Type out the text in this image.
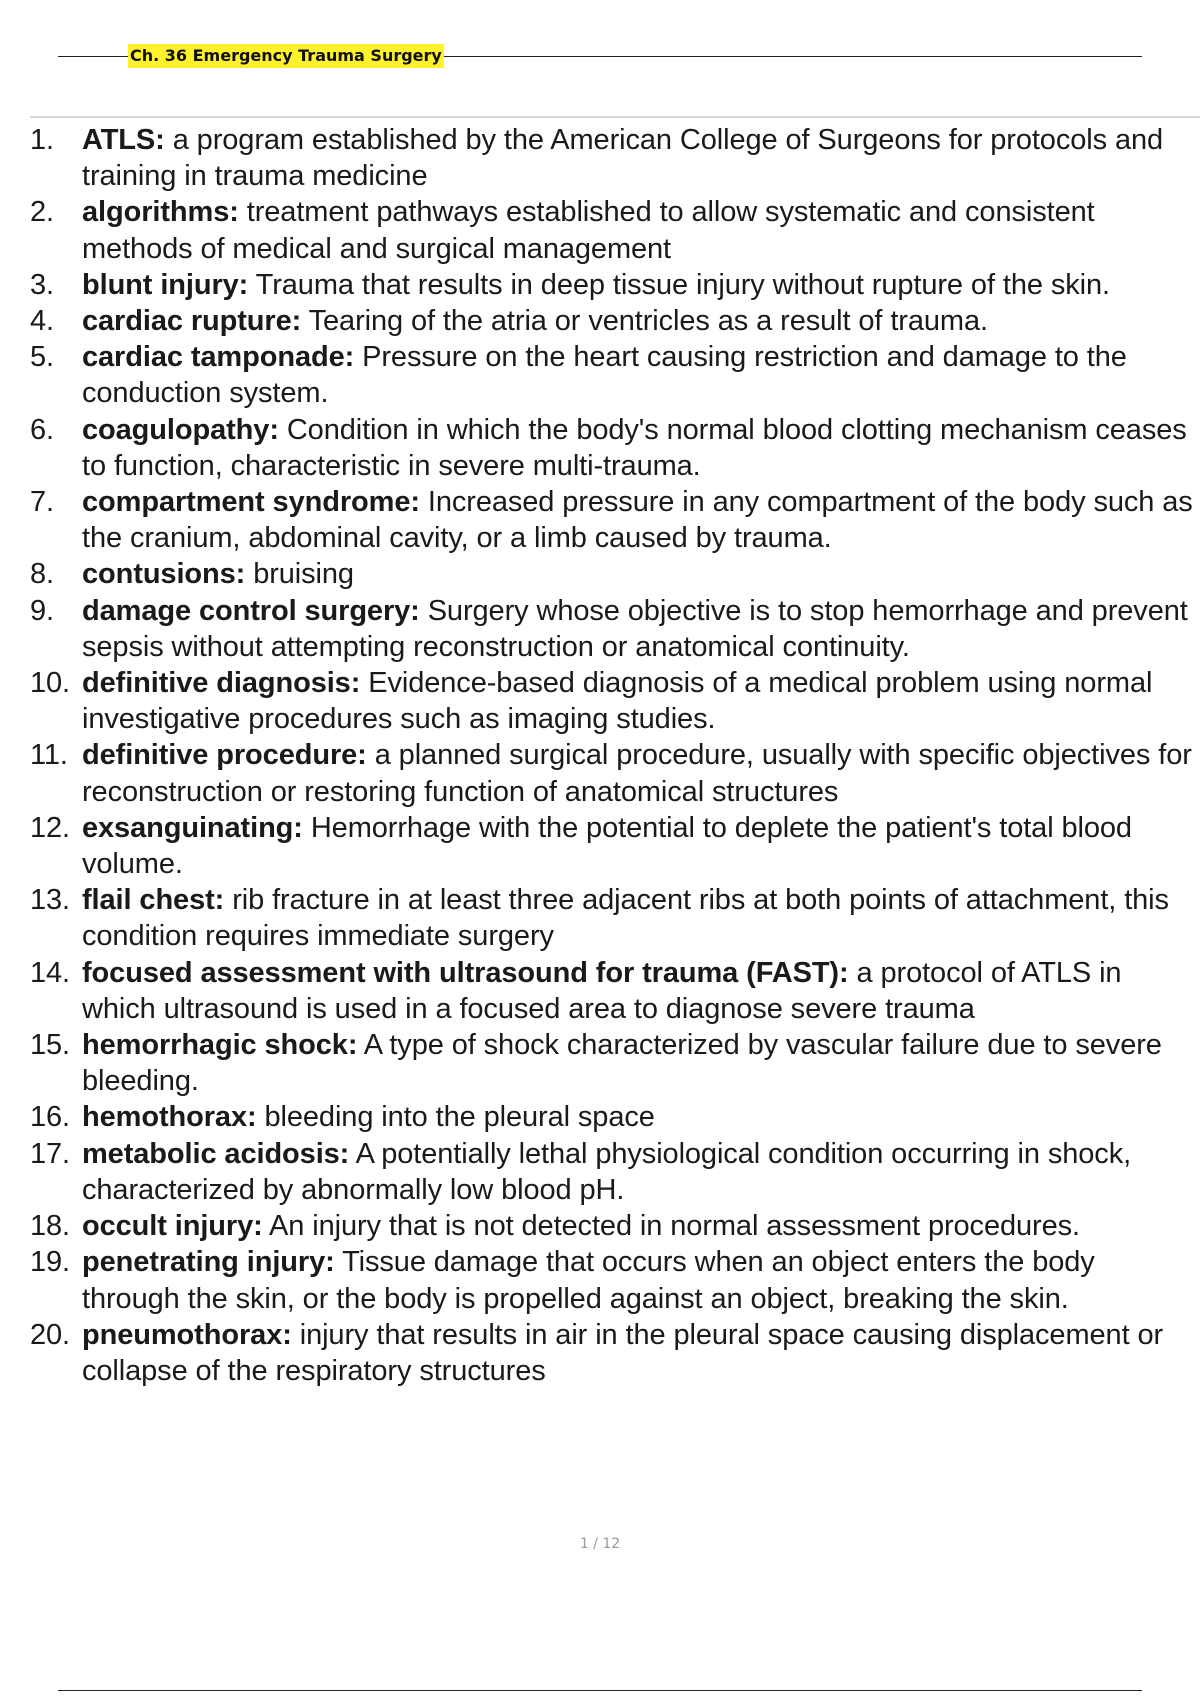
Ch. 36 Emergency Trauma Surgery
1. ATLS: a program established by the American College of Surgeons for protocols and training in trauma medicine
2. algorithms: treatment pathways established to allow systematic and consistent methods of medical and surgical management
3. blunt injury: Trauma that results in deep tissue injury without rupture of the skin.
4. cardiac rupture: Tearing of the atria or ventricles as a result of trauma.
5. cardiac tamponade: Pressure on the heart causing restriction and damage to the conduction system.
6. coagulopathy: Condition in which the body's normal blood clotting mechanism ceases to function, characteristic in severe multi-trauma.
7. compartment syndrome: Increased pressure in any compartment of the body such as the cranium, abdominal cavity, or a limb caused by trauma.
8. contusions: bruising
9. damage control surgery: Surgery whose objective is to stop hemorrhage and prevent sepsis without attempting reconstruction or anatomical continuity.
10. definitive diagnosis: Evidence-based diagnosis of a medical problem using normal investigative procedures such as imaging studies.
11. definitive procedure: a planned surgical procedure, usually with specific objectives for reconstruction or restoring function of anatomical structures
12. exsanguinating: Hemorrhage with the potential to deplete the patient's total blood volume.
13. flail chest: rib fracture in at least three adjacent ribs at both points of attachment, this condition requires immediate surgery
14. focused assessment with ultrasound for trauma (FAST): a protocol of ATLS in which ultrasound is used in a focused area to diagnose severe trauma
15. hemorrhagic shock: A type of shock characterized by vascular failure due to severe bleeding.
16. hemothorax: bleeding into the pleural space
17. metabolic acidosis: A potentially lethal physiological condition occurring in shock, characterized by abnormally low blood pH.
18. occult injury: An injury that is not detected in normal assessment procedures.
19. penetrating injury: Tissue damage that occurs when an object enters the body through the skin, or the body is propelled against an object, breaking the skin.
20. pneumothorax: injury that results in air in the pleural space causing displacement or collapse of the respiratory structures
1 / 12
